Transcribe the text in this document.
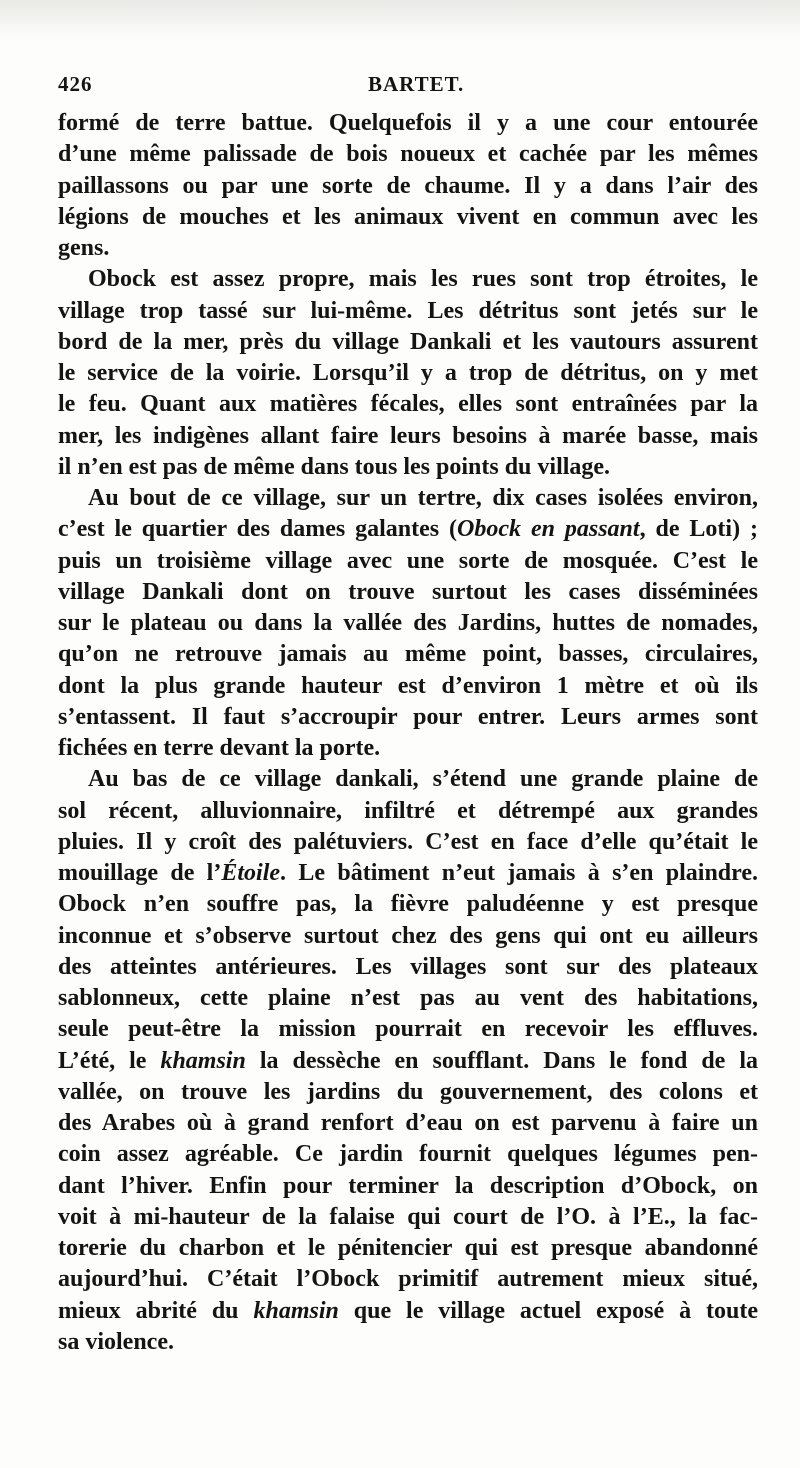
426	BARTET.
formé de terre battue. Quelquefois il y a une cour entourée
d’une même palissade de bois noueux et cachée par les mêmes
paillassons ou par une sorte de chaume. Il y a dans l’air des
légions de mouches et les animaux vivent en commun avec les
gens.
Obock est assez propre, mais les rues sont trop étroites, le
village trop tassé sur lui-même. Les détritus sont jetés sur le
bord de la mer, près du village Dankali et les vautours assurent
le service de la voirie. Lorsqu’il y a trop de détritus, on y met
le feu. Quant aux matières fécales, elles sont entraînées par la
mer, les indigènes allant faire leurs besoins à marée basse, mais
il n’en est pas de même dans tous les points du village.
Au bout de ce village, sur un tertre, dix cases isolées environ,
c’est le quartier des dames galantes (Obock en passant, de Loti) ;
puis un troisième village avec une sorte de mosquée. C’est le
village Dankali dont on trouve surtout les cases disséminées
sur le plateau ou dans la vallée des Jardins, huttes de nomades,
qu’on ne retrouve jamais au même point, basses, circulaires,
dont la plus grande hauteur est d’environ 1 mètre et où ils
s’entassent. Il faut s’accroupir pour entrer. Leurs armes sont
fichées en terre devant la porte.
Au bas de ce village dankali, s’étend une grande plaine de
sol récent, alluvionnaire, infiltré et détrempé aux grandes
pluies. Il y croît des palétuviers. C’est en face d’elle qu’était le
mouillage de l’Étoile. Le bâtiment n’eut jamais à s’en plaindre.
Obock n’en souffre pas, la fièvre paludéenne y est presque
inconnue et s’observe surtout chez des gens qui ont eu ailleurs
des atteintes antérieures. Les villages sont sur des plateaux
sablonneux, cette plaine n’est pas au vent des habitations,
seule peut-être la mission pourrait en recevoir les effluves.
L’été, le khamsin la dessèche en soufflant. Dans le fond de la
vallée, on trouve les jardins du gouvernement, des colons et
des Arabes où à grand renfort d’eau on est parvenu à faire un
coin assez agréable. Ce jardin fournit quelques légumes pen-
dant l’hiver. Enfin pour terminer la description d’Obock, on
voit à mi-hauteur de la falaise qui court de l’O. à l’E., la fac-
torerie du charbon et le pénitencier qui est presque abandonné
aujourd’hui. C’était l’Obock primitif autrement mieux situé,
mieux abrité du khamsin que le village actuel exposé à toute
sa violence.
